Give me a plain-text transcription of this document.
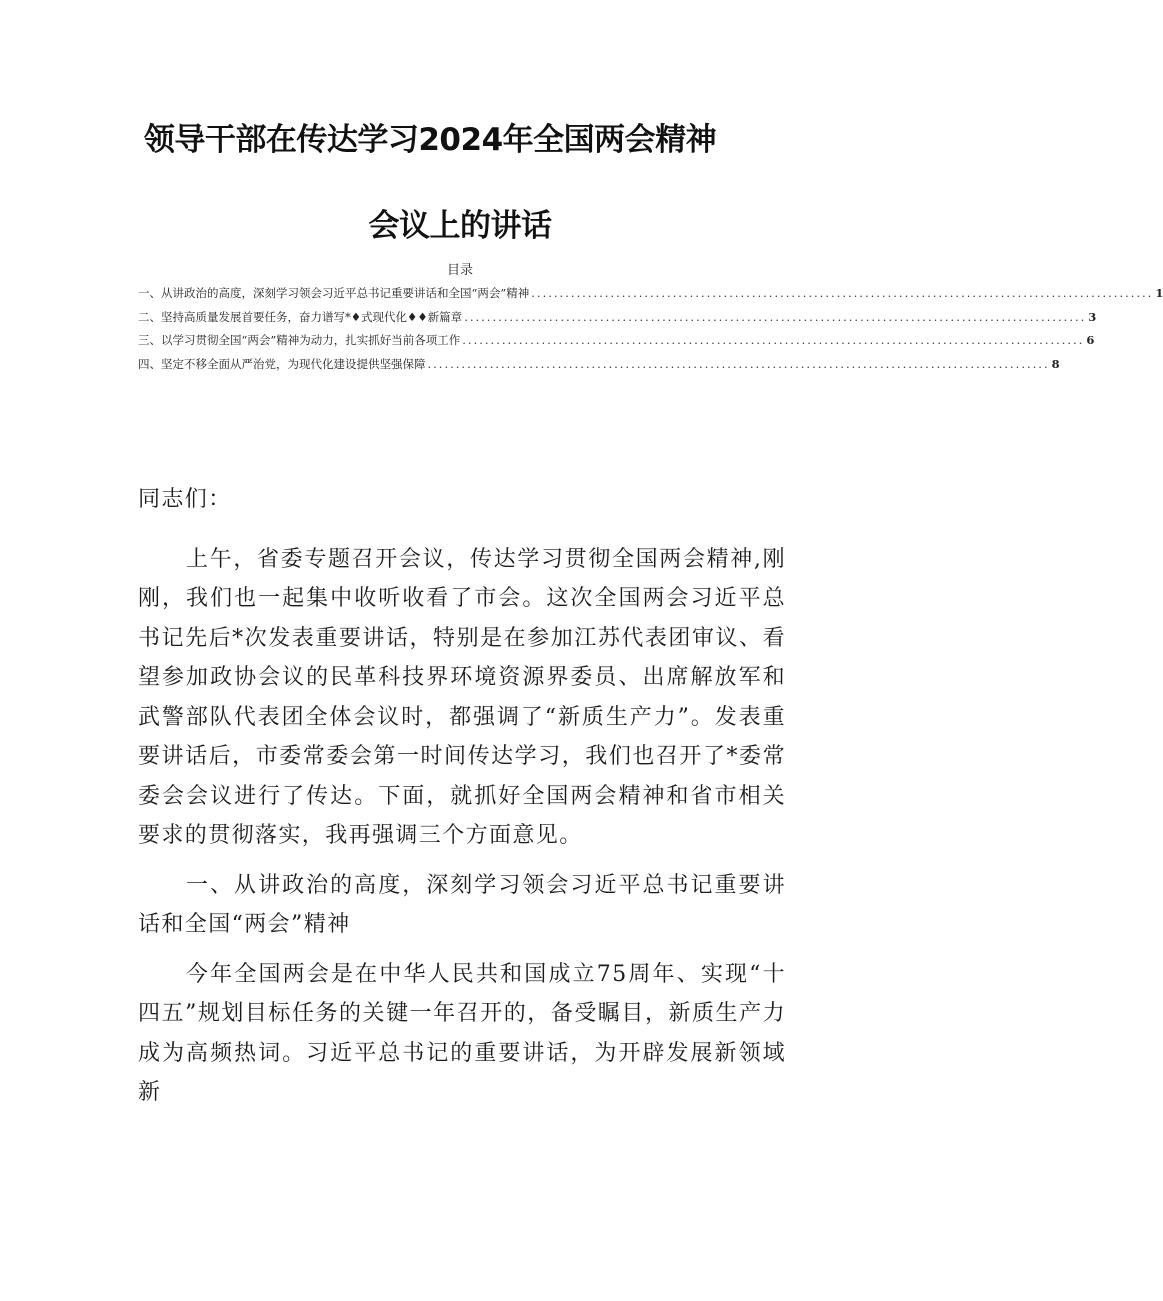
领导干部在传达学习2024年全国两会精神
会议上的讲话
目录
一、从讲政治的高度，深刻学习领会习近平总书记重要讲话和全国“两会”精神 .............................................................................................................. 1
二、坚持高质量发展首要任务，奋力谱写*♦式现代化♦♦新篇章 .............................................................................................................. 3
三、以学习贯彻全国“两会”精神为动力，扎实抓好当前各项工作 .............................................................................................................. 6
四、坚定不移全面从严治党，为现代化建设提供坚强保障 .............................................................................................................. 8

同志们：

上午，省委专题召开会议，传达学习贯彻全国两会精神,刚刚，我们也一起集中收听收看了市会。这次全国两会习近平总书记先后*次发表重要讲话，特别是在参加江苏代表团审议、看望参加政协会议的民革科技界环境资源界委员、出席解放军和武警部队代表团全体会议时，都强调了“新质生产力”。发表重要讲话后，市委常委会第一时间传达学习，我们也召开了*委常委会会议进行了传达。下面，就抓好全国两会精神和省市相关要求的贯彻落实，我再强调三个方面意见。

一、从讲政治的高度，深刻学习领会习近平总书记重要讲话和全国“两会”精神

今年全国两会是在中华人民共和国成立75周年、实现“十四五”规划目标任务的关键一年召开的，备受瞩目，新质生产力成为高频热词。习近平总书记的重要讲话，为开辟发展新领域新
